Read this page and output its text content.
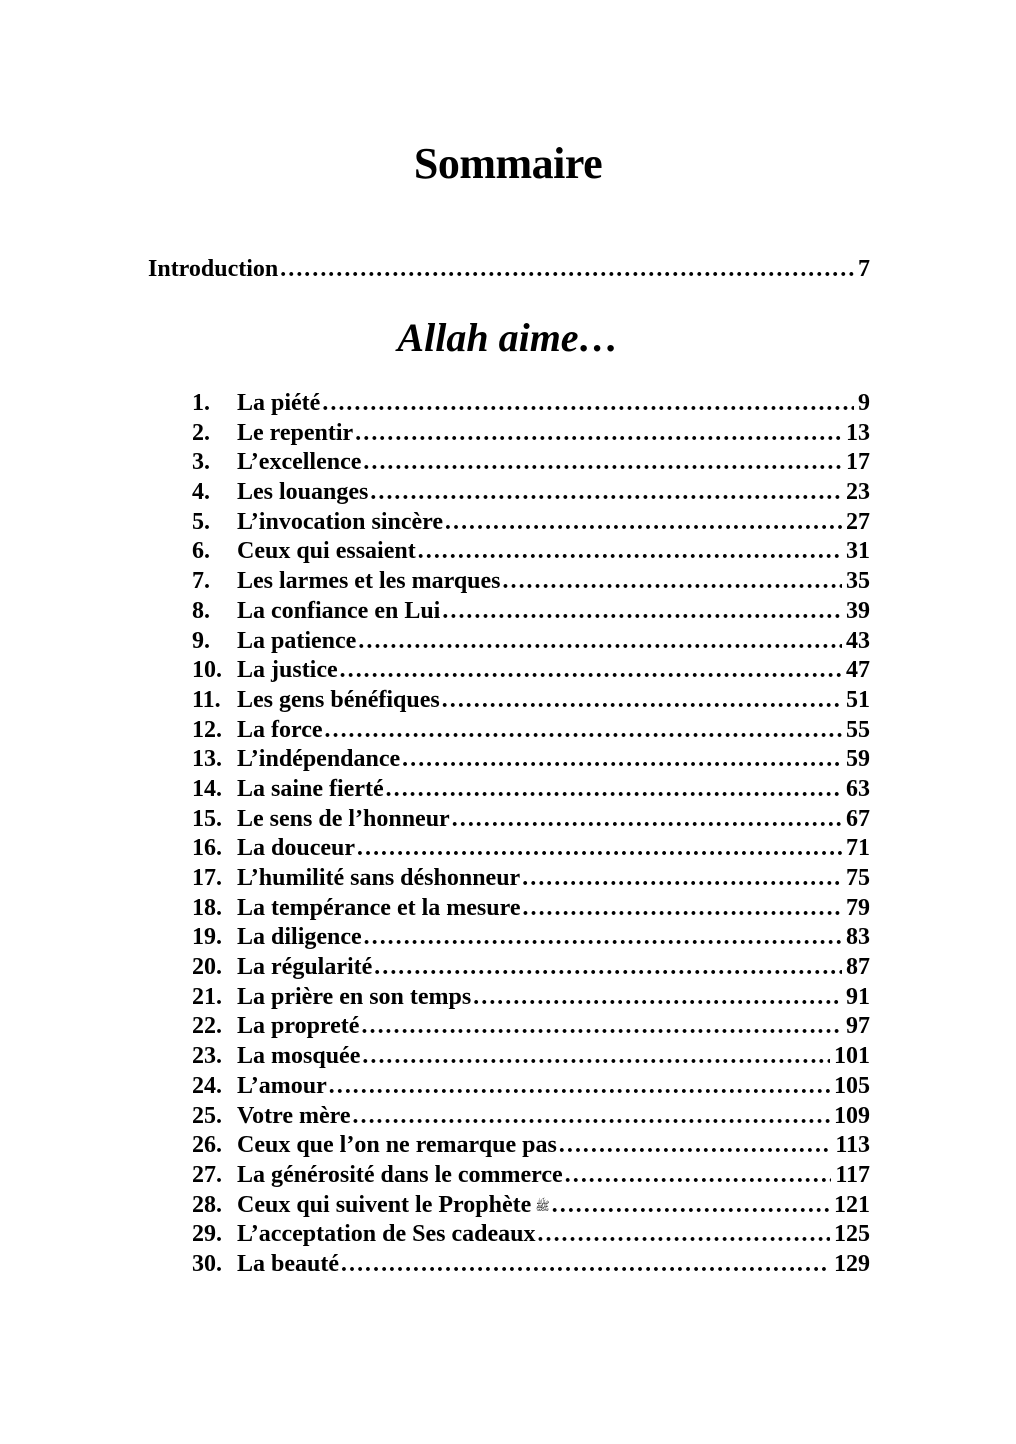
Sommaire
Introduction ………………………………………………………………………………………………………………………………………………………………………………………	7
Allah aime…
1.	La piété ………………………………………………………………………………………………………………………………………………………………………………………	9
2.	Le repentir ………………………………………………………………………………………………………………………………………………………………………………………	13
3.	L’excellence ………………………………………………………………………………………………………………………………………………………………………………………	17
4.	Les louanges ………………………………………………………………………………………………………………………………………………………………………………………	23
5.	L’invocation sincère ………………………………………………………………………………………………………………………………………………………………………………………	27
6.	Ceux qui essaient ………………………………………………………………………………………………………………………………………………………………………………………	31
7.	Les larmes et les marques ………………………………………………………………………………………………………………………………………………………………………………………	35
8.	La confiance en Lui ………………………………………………………………………………………………………………………………………………………………………………………	39
9.	La patience ………………………………………………………………………………………………………………………………………………………………………………………	43
10. La justice ………………………………………………………………………………………………………………………………………………………………………………………	47
11. Les gens bénéfiques ………………………………………………………………………………………………………………………………………………………………………………………	51
12. La force ………………………………………………………………………………………………………………………………………………………………………………………	55
13. L’indépendance ………………………………………………………………………………………………………………………………………………………………………………………	59
14. La saine fierté ………………………………………………………………………………………………………………………………………………………………………………………	63
15. Le sens de l’honneur ………………………………………………………………………………………………………………………………………………………………………………………	67
16. La douceur ………………………………………………………………………………………………………………………………………………………………………………………	71
17. L’humilité sans déshonneur ………………………………………………………………………………………………………………………………………………………………………………………	75
18. La tempérance et la mesure ………………………………………………………………………………………………………………………………………………………………………………………	79
19. La diligence ………………………………………………………………………………………………………………………………………………………………………………………	83
20. La régularité ………………………………………………………………………………………………………………………………………………………………………………………	87
21. La prière en son temps ………………………………………………………………………………………………………………………………………………………………………………………	91
22. La propreté ………………………………………………………………………………………………………………………………………………………………………………………	97
23. La mosquée ………………………………………………………………………………………………………………………………………………………………………………………	101
24. L’amour ………………………………………………………………………………………………………………………………………………………………………………………	105
25. Votre mère ………………………………………………………………………………………………………………………………………………………………………………………	109
26. Ceux que l’on ne remarque pas ………………………………………………………………………………………………………………………………………………………………………………………	113
27. La générosité dans le commerce ………………………………………………………………………………………………………………………………………………………………………………………	117
28. Ceux qui suivent le Prophète ﷺ ………………………………………………………………………………………………………………………………………………………………………………………	121
29. L’acceptation de Ses cadeaux ………………………………………………………………………………………………………………………………………………………………………………………	125
30. La beauté ………………………………………………………………………………………………………………………………………………………………………………………	129
